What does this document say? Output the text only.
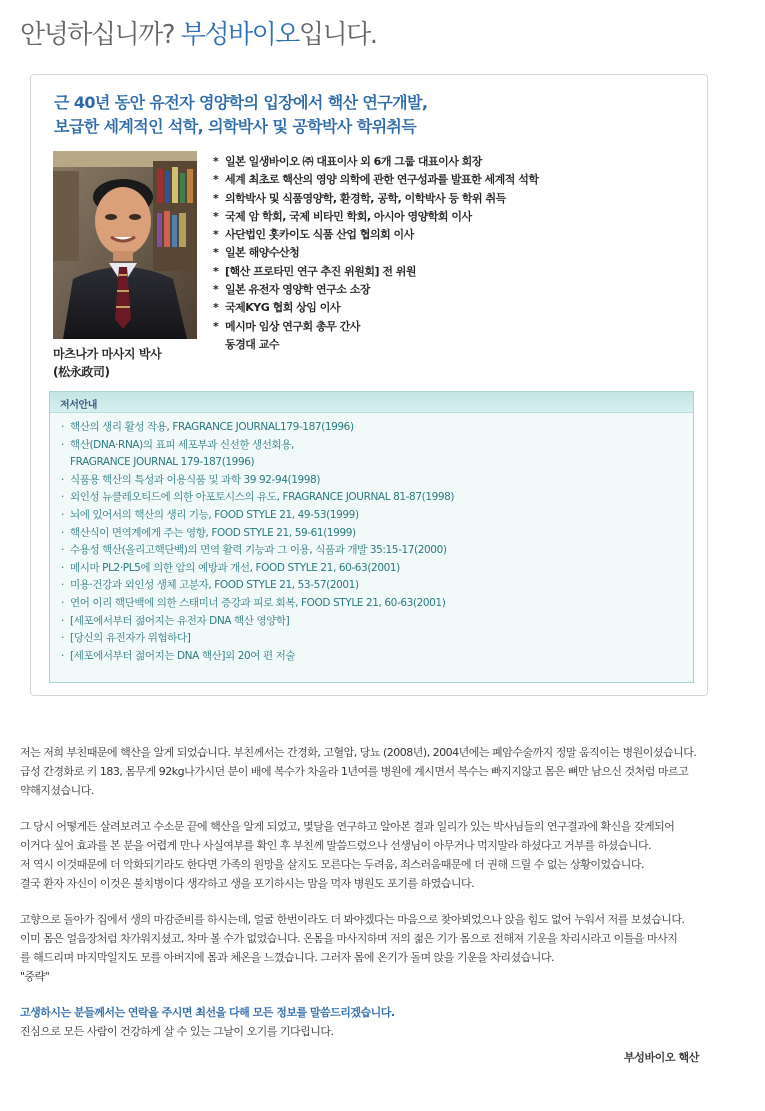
안녕하십니까? 부성바이오입니다.
근 40년 동안 유전자 영양학의 입장에서 핵산 연구개발,
보급한 세계적인 석학, 의학박사 및 공학박사 학위취득
마츠나가 마사지 박사
(松永政司)
* 일본 일생바이오 ㈜ 대표이사 외 6개 그룹 대표이사 회장
* 세계 최초로 핵산의 영양 의학에 관한 연구성과를 발표한 세계적 석학
* 의학박사 및 식품영양학, 환경학, 공학, 이학박사 등 학위 취득
* 국제 암 학회, 국제 비타민 학회, 아시아 영양학회 이사
* 사단법인 홋카이도 식품 산업 협의회 이사
* 일본 해양수산청
* [핵산 프로타민 연구 추진 위원회] 전 위원
* 일본 유전자 영양학 연구소 소장
* 국제KYG 협회 상임 이사
* 메시마 임상 연구회 총무 간사
동경대 교수
저서안내
· 핵산의 생리 활성 작용, FRAGRANCE JOURNAL179-187(1996)
· 핵산(DNA·RNA)의 표피 세포부과 신선한 생선회용,
FRAGRANCE JOURNAL 179-187(1996)
· 식품용 핵산의 특성과 이용식품 및 과학 39 92-94(1998)
· 외인성 뉴클레오티드에 의한 아포토시스의 유도, FRAGRANCE JOURNAL 81-87(1998)
· 뇌에 있어서의 핵산의 생리 기능, FOOD STYLE 21, 49-53(1999)
· 핵산식이 면역계에게 주는 영향, FOOD STYLE 21, 59-61(1999)
· 수용성 핵산(올리고핵단백)의 면역 활력 기능과 그 이용, 식품과 개발 35:15-17(2000)
· 메시마 PL2·PL5에 의한 암의 예방과 개선, FOOD STYLE 21, 60-63(2001)
· 미용·건강과 외인성 생체 고분자, FOOD STYLE 21, 53-57(2001)
· 연어 이리 핵단백에 의한 스태미너 증강과 피로 회복, FOOD STYLE 21, 60-63(2001)
· [세포에서부터 젊어지는 유전자 DNA 핵산 영양학]
· [당신의 유전자가 위험하다]
· [세포에서부터 젊어지는 DNA 핵산]외 20여 편 저술

저는 저희 부친때문에 핵산을 알게 되었습니다. 부친께서는 간경화, 고혈압, 당뇨 (2008년), 2004년에는 폐암수술까지 정말 움직이는 병원이셨습니다.
급성 간경화로 키 183, 몸무게 92kg나가시던 분이 배에 복수가 차올라 1년여를 병원에 계시면서 복수는 빠지지않고 몸은 뼈만 남으신 것처럼 마르고
약해지셨습니다.

그 당시 어떻게든 살려보려고 수소문 끝에 핵산을 알게 되었고, 몇달을 연구하고 알아본 결과 일리가 있는 박사님들의 연구결과에 확신을 갖게되어
이거다 싶어 효과를 본 분을 어렵게 만나 사실여부를 확인 후 부친께 말씀드렸으나 선생님이 아무거나 먹지말라 하셨다고 거부를 하셨습니다.
저 역시 이것때문에 더 악화되기라도 한다면 가족의 원망을 살지도 모른다는 두려움, 죄스러움때문에 더 권해 드릴 수 없는 상황이었습니다.
결국 환자 자신이 이것은 불치병이다 생각하고 생을 포기하시는 맘을 먹자 병원도 포기를 하였습니다.

고향으로 돌아가 집에서 생의 마감준비를 하시는데, 얼굴 한번이라도 더 봐야겠다는 마음으로 찾아뵈었으나 앉을 힘도 없어 누워서 저를 보셨습니다.
이미 몸은 얼음장처럼 차가워지셨고, 차마 볼 수가 없었습니다. 온몸을 마사지하며 저의 젊은 기가 몸으로 전해져 기운을 차리시라고 이틀을 마사지
를 해드리며 마지막일지도 모를 아버지에 몸과 체온을 느꼈습니다. 그러자 몸에 온기가 돌며 앉을 기운을 차리셨습니다.
"중략"

고생하시는 분들께서는 연락을 주시면 최선을 다해 모든 정보를 말씀드리겠습니다.
진심으로 모든 사람이 건강하게 살 수 있는 그날이 오기를 기다립니다.

부성바이오 핵산
